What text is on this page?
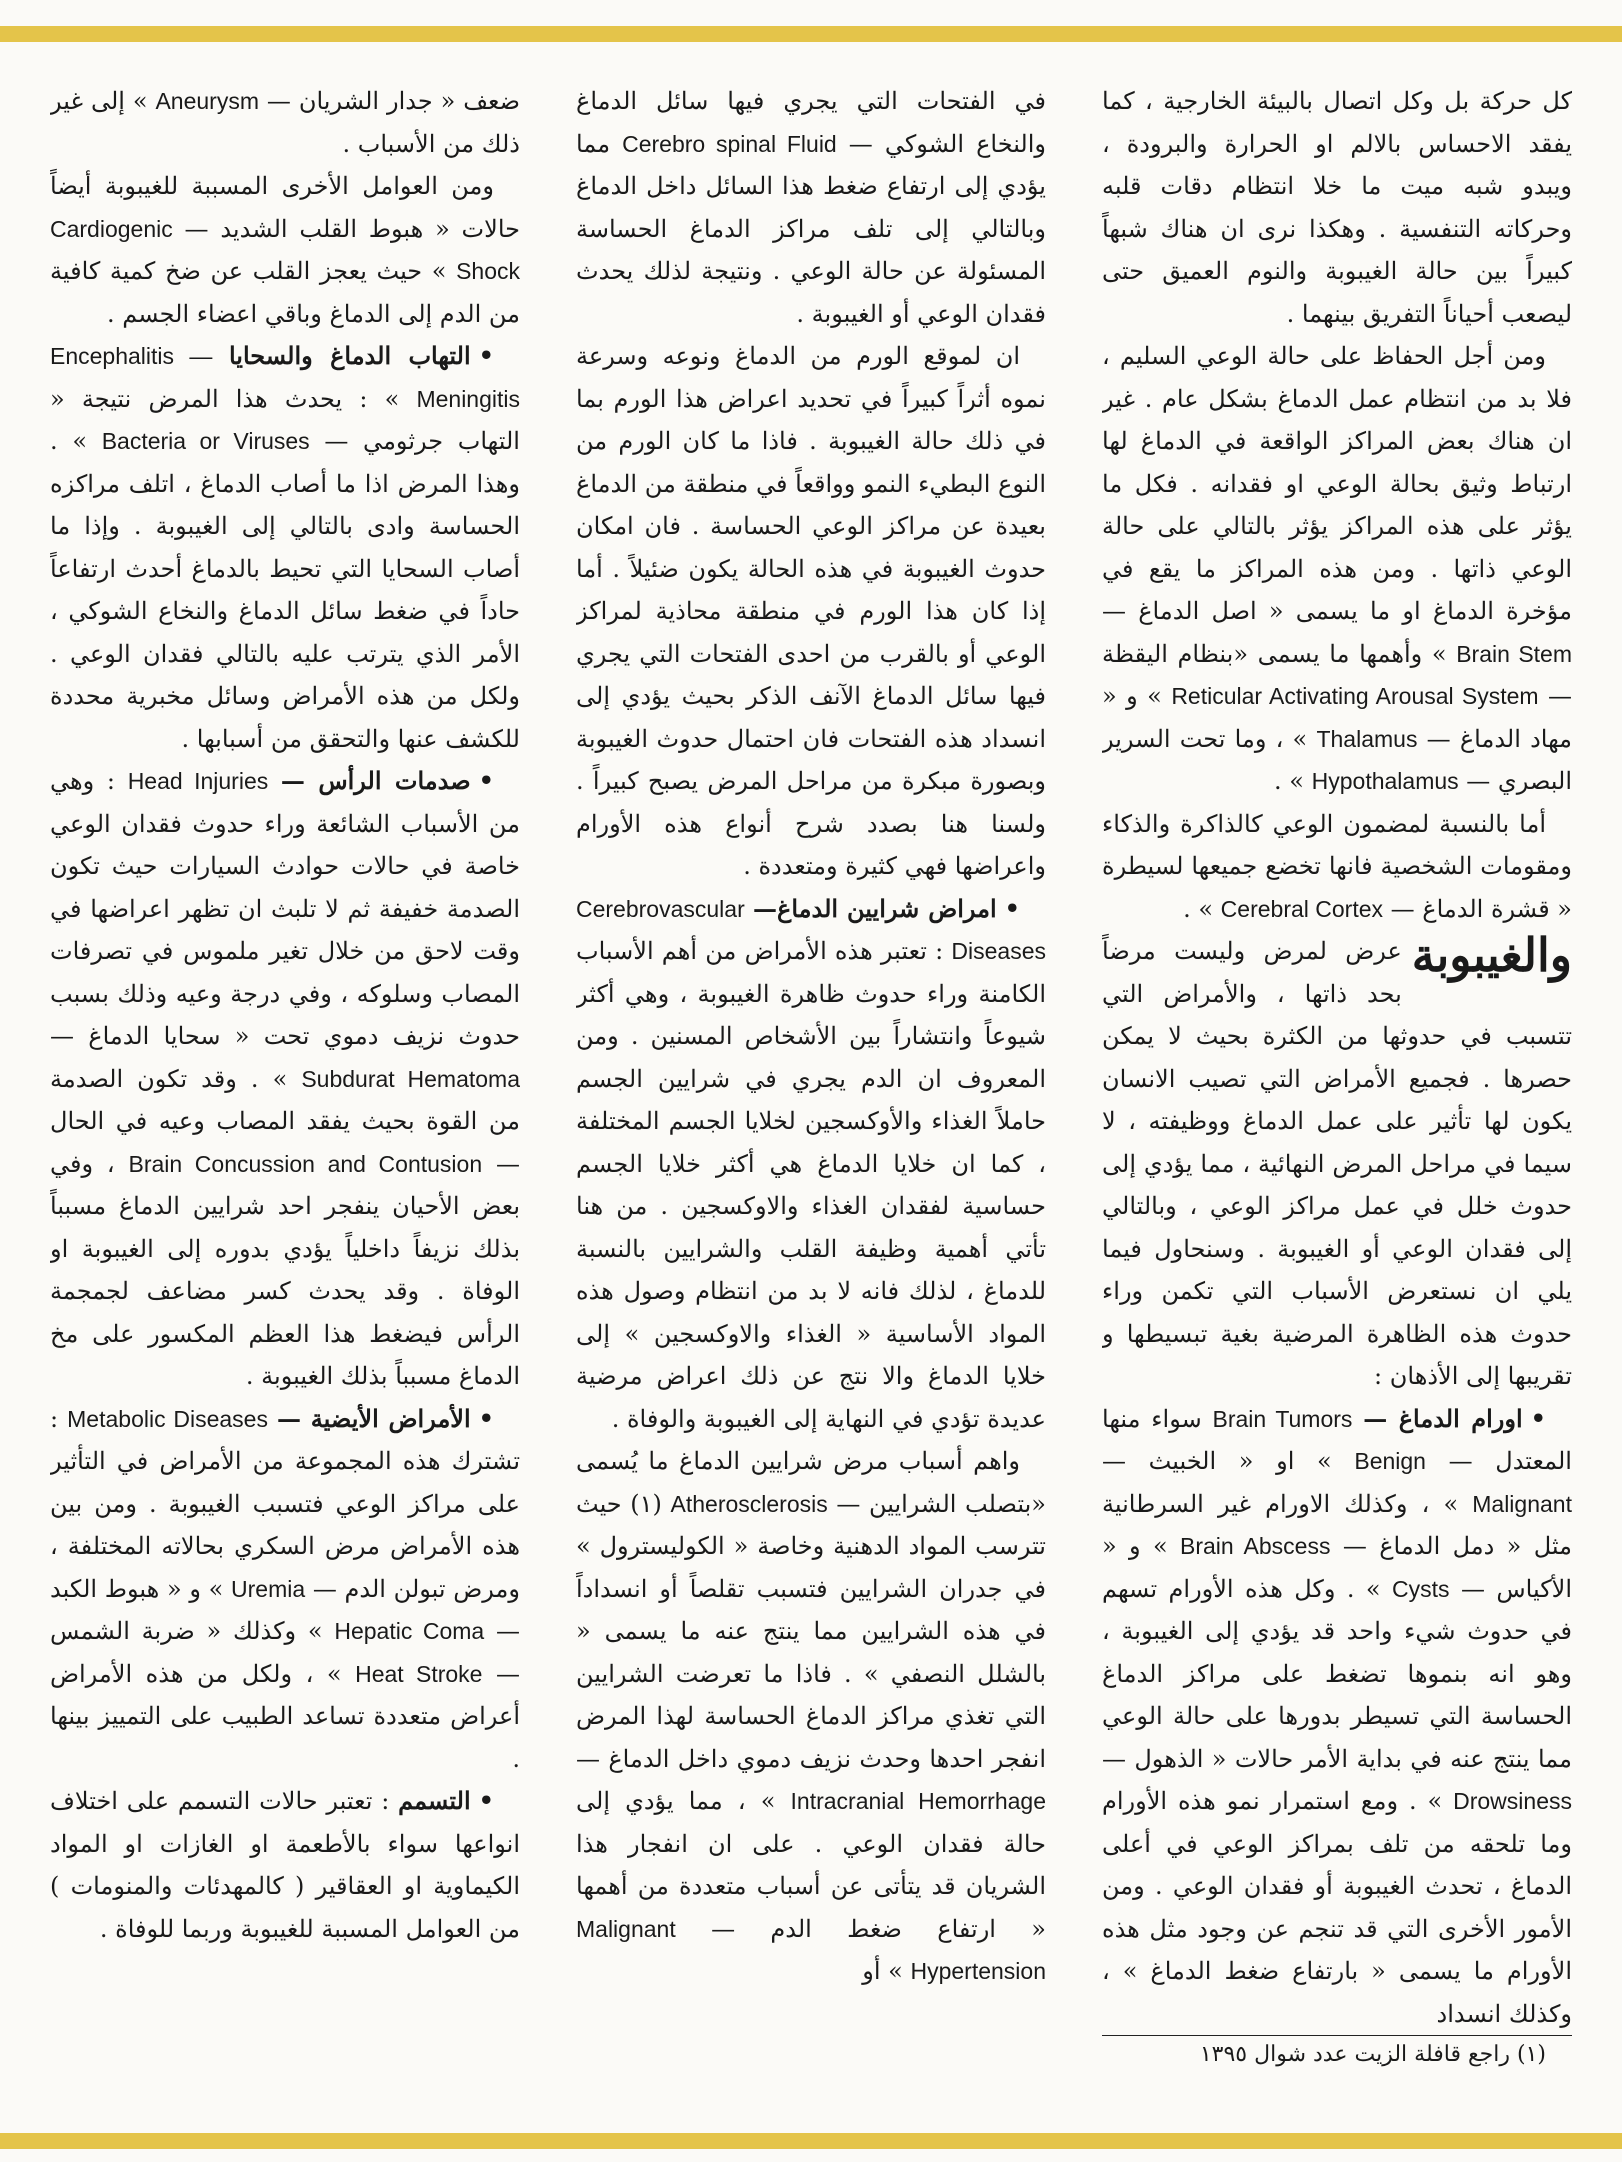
كل حركة بل وكل اتصال بالبيئة الخارجية ، كما يفقد الاحساس بالالم او الحرارة والبرودة ، ويبدو شبه ميت ما خلا انتظام دقات قلبه وحركاته التنفسية . وهكذا نرى ان هناك شبهاً كبيراً بين حالة الغيبوبة والنوم العميق حتى ليصعب أحياناً التفريق بينهما .

ومن أجل الحفاظ على حالة الوعي السليم ، فلا بد من انتظام عمل الدماغ بشكل عام . غير ان هناك بعض المراكز الواقعة في الدماغ لها ارتباط وثيق بحالة الوعي او فقدانه . فكل ما يؤثر على هذه المراكز يؤثر بالتالي على حالة الوعي ذاتها . ومن هذه المراكز ما يقع في مؤخرة الدماغ او ما يسمى « اصل الدماغ — Brain Stem » وأهمها ما يسمى «بنظام اليقظة— Reticular Activating Arousal System » و « مهاد الدماغ — Thalamus » ، وما تحت السرير البصري — Hypothalamus » .

أما بالنسبة لمضمون الوعي كالذاكرة والذكاء ومقومات الشخصية فانها تخضع جميعها لسيطرة « قشرة الدماغ — Cerebral Cortex » .

والغيبوبة
عرض لمرض وليست مرضاً بحد ذاتها ، والأمراض التي تتسبب في حدوثها من الكثرة بحيث لا يمكن حصرها . فجميع الأمراض التي تصيب الانسان يكون لها تأثير على عمل الدماغ ووظيفته ، لا سيما في مراحل المرض النهائية ، مما يؤدي إلى حدوث خلل في عمل مراكز الوعي ، وبالتالي إلى فقدان الوعي أو الغيبوبة . وسنحاول فيما يلي ان نستعرض الأسباب التي تكمن وراء حدوث هذه الظاهرة المرضية بغية تبسيطها و تقريبها إلى الأذهان :

•اورام الدماغ — Brain Tumors سواء منها المعتدل — Benign » او « الخبيث — Malignant » ، وكذلك الاورام غير السرطانية مثل « دمل الدماغ — Brain Abscess » و « الأكياس — Cysts » . وكل هذه الأورام تسهم في حدوث شيء واحد قد يؤدي إلى الغيبوبة ، وهو انه بنموها تضغط على مراكز الدماغ الحساسة التي تسيطر بدورها على حالة الوعي مما ينتج عنه في بداية الأمر حالات « الذهول — Drowsiness » . ومع استمرار نمو هذه الأورام وما تلحقه من تلف بمراكز الوعي في أعلى الدماغ ، تحدث الغيبوبة أو فقدان الوعي . ومن الأمور الأخرى التي قد تنجم عن وجود مثل هذه الأورام ما يسمى « بارتفاع ضغط الدماغ » ، وكذلك انسداد

(١) راجع قافلة الزيت عدد شوال ١٣٩٥

في الفتحات التي يجري فيها سائل الدماغ والنخاع الشوكي — Cerebro spinal Fluid مما يؤدي إلى ارتفاع ضغط هذا السائل داخل الدماغ وبالتالي إلى تلف مراكز الدماغ الحساسة المسئولة عن حالة الوعي . ونتيجة لذلك يحدث فقدان الوعي أو الغيبوبة .

ان لموقع الورم من الدماغ ونوعه وسرعة نموه أثراً كبيراً في تحديد اعراض هذا الورم بما في ذلك حالة الغيبوبة . فاذا ما كان الورم من النوع البطيء النمو وواقعاً في منطقة من الدماغ بعيدة عن مراكز الوعي الحساسة . فان امكان حدوث الغيبوبة في هذه الحالة يكون ضئيلاً . أما إذا كان هذا الورم في منطقة محاذية لمراكز الوعي أو بالقرب من احدى الفتحات التي يجري فيها سائل الدماغ الآنف الذكر بحيث يؤدي إلى انسداد هذه الفتحات فان احتمال حدوث الغيبوبة وبصورة مبكرة من مراحل المرض يصبح كبيراً . ولسنا هنا بصدد شرح أنواع هذه الأورام واعراضها فهي كثيرة ومتعددة .

•امراض شرايين الدماغ— Cerebrovascular Diseases : تعتبر هذه الأمراض من أهم الأسباب الكامنة وراء حدوث ظاهرة الغيبوبة ، وهي أكثر شيوعاً وانتشاراً بين الأشخاص المسنين . ومن المعروف ان الدم يجري في شرايين الجسم حاملاً الغذاء والأوكسجين لخلايا الجسم المختلفة ، كما ان خلايا الدماغ هي أكثر خلايا الجسم حساسية لفقدان الغذاء والاوكسجين . من هنا تأتي أهمية وظيفة القلب والشرايين بالنسبة للدماغ ، لذلك فانه لا بد من انتظام وصول هذه المواد الأساسية « الغذاء والاوكسجين » إلى خلايا الدماغ والا نتج عن ذلك اعراض مرضية عديدة تؤدي في النهاية إلى الغيبوبة والوفاة .

واهم أسباب مرض شرايين الدماغ ما يُسمى «بتصلب الشرايين — Atherosclerosis (١) حيث تترسب المواد الدهنية وخاصة « الكوليسترول » في جدران الشرايين فتسبب تقلصاً أو انسداداً في هذه الشرايين مما ينتج عنه ما يسمى « بالشلل النصفي » . فاذا ما تعرضت الشرايين التي تغذي مراكز الدماغ الحساسة لهذا المرض انفجر احدها وحدث نزيف دموي داخل الدماغ — Intracranial Hemorrhage » ، مما يؤدي إلى حالة فقدان الوعي . على ان انفجار هذا الشريان قد يتأتى عن أسباب متعددة من أهمها « ارتفاع ضغط الدم — Malignant Hypertension » أو

ضعف « جدار الشريان — Aneurysm » إلى غير ذلك من الأسباب .

ومن العوامل الأخرى المسببة للغيبوبة أيضاً حالات « هبوط القلب الشديد — Cardiogenic Shock » حيث يعجز القلب عن ضخ كمية كافية من الدم إلى الدماغ وباقي اعضاء الجسم .

•التهاب الدماغ والسحايا Encephalitis — Meningitis » : يحدث هذا المرض نتيجة « التهاب جرثومي — Bacteria or Viruses » . وهذا المرض اذا ما أصاب الدماغ ، اتلف مراكزه الحساسة وادى بالتالي إلى الغيبوبة . وإذا ما أصاب السحايا التي تحيط بالدماغ أحدث ارتفاعاً حاداً في ضغط سائل الدماغ والنخاع الشوكي ، الأمر الذي يترتب عليه بالتالي فقدان الوعي . ولكل من هذه الأمراض وسائل مخبرية محددة للكشف عنها والتحقق من أسبابها .

•صدمات الرأس — Head Injuries : وهي من الأسباب الشائعة وراء حدوث فقدان الوعي خاصة في حالات حوادث السيارات حيث تكون الصدمة خفيفة ثم لا تلبث ان تظهر اعراضها في وقت لاحق من خلال تغير ملموس في تصرفات المصاب وسلوكه ، وفي درجة وعيه وذلك بسبب حدوث نزيف دموي تحت « سحايا الدماغ — Subdurat Hematoma » . وقد تكون الصدمة من القوة بحيث يفقد المصاب وعيه في الحال — Brain Concussion and Contusion ، وفي بعض الأحيان ينفجر احد شرايين الدماغ مسبباً بذلك نزيفاً داخلياً يؤدي بدوره إلى الغيبوبة او الوفاة . وقد يحدث كسر مضاعف لجمجمة الرأس فيضغط هذا العظم المكسور على مخ الدماغ مسبباً بذلك الغيبوبة .

•الأمراض الأيضية — Metabolic Diseases : تشترك هذه المجموعة من الأمراض في التأثير على مراكز الوعي فتسبب الغيبوبة . ومن بين هذه الأمراض مرض السكري بحالاته المختلفة ، ومرض تبولن الدم — Uremia » و « هبوط الكبد — Hepatic Coma » وكذلك « ضربة الشمس — Heat Stroke » ، ولكل من هذه الأمراض أعراض متعددة تساعد الطبيب على التمييز بينها .

•التسمم : تعتبر حالات التسمم على اختلاف انواعها سواء بالأطعمة او الغازات او المواد الكيماوية او العقاقير ( كالمهدئات والمنومات ) من العوامل المسببة للغيبوبة وربما للوفاة .
